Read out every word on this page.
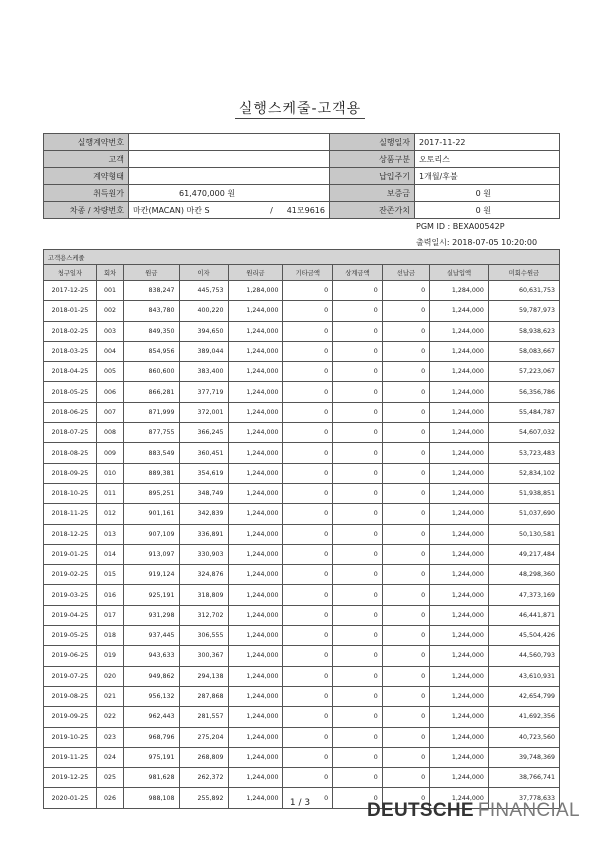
실행스케줄-고객용
실행계약번호			실행일자	2017-11-22
고객			상품구분	오토리스
계약형태			납입주기	1개월/후불
취득원가	61,470,000 원		보증금	0 원
차종 / 차량번호	마칸(MACAN) 마칸 S /	41모9616	잔존가치	0 원
PGM ID : BEXA00542P
출력일시: 2018-07-05 10:20:00
고객용스케줄									
청구일자	회차	원금	이자	원리금	기타금액	상계금액	선납금	실납입액	미회수원금
2017-12-25	001	838,247	445,753	1,284,000	0	0	0	1,284,000	60,631,753
2018-01-25	002	843,780	400,220	1,244,000	0	0	0	1,244,000	59,787,973
2018-02-25	003	849,350	394,650	1,244,000	0	0	0	1,244,000	58,938,623
2018-03-25	004	854,956	389,044	1,244,000	0	0	0	1,244,000	58,083,667
2018-04-25	005	860,600	383,400	1,244,000	0	0	0	1,244,000	57,223,067
2018-05-25	006	866,281	377,719	1,244,000	0	0	0	1,244,000	56,356,786
2018-06-25	007	871,999	372,001	1,244,000	0	0	0	1,244,000	55,484,787
2018-07-25	008	877,755	366,245	1,244,000	0	0	0	1,244,000	54,607,032
2018-08-25	009	883,549	360,451	1,244,000	0	0	0	1,244,000	53,723,483
2018-09-25	010	889,381	354,619	1,244,000	0	0	0	1,244,000	52,834,102
2018-10-25	011	895,251	348,749	1,244,000	0	0	0	1,244,000	51,938,851
2018-11-25	012	901,161	342,839	1,244,000	0	0	0	1,244,000	51,037,690
2018-12-25	013	907,109	336,891	1,244,000	0	0	0	1,244,000	50,130,581
2019-01-25	014	913,097	330,903	1,244,000	0	0	0	1,244,000	49,217,484
2019-02-25	015	919,124	324,876	1,244,000	0	0	0	1,244,000	48,298,360
2019-03-25	016	925,191	318,809	1,244,000	0	0	0	1,244,000	47,373,169
2019-04-25	017	931,298	312,702	1,244,000	0	0	0	1,244,000	46,441,871
2019-05-25	018	937,445	306,555	1,244,000	0	0	0	1,244,000	45,504,426
2019-06-25	019	943,633	300,367	1,244,000	0	0	0	1,244,000	44,560,793
2019-07-25	020	949,862	294,138	1,244,000	0	0	0	1,244,000	43,610,931
2019-08-25	021	956,132	287,868	1,244,000	0	0	0	1,244,000	42,654,799
2019-09-25	022	962,443	281,557	1,244,000	0	0	0	1,244,000	41,692,356
2019-10-25	023	968,796	275,204	1,244,000	0	0	0	1,244,000	40,723,560
2019-11-25	024	975,191	268,809	1,244,000	0	0	0	1,244,000	39,748,369
2019-12-25	025	981,628	262,372	1,244,000	0	0	0	1,244,000	38,766,741
2020-01-25	026	988,108	255,892	1,244,000	0	0	0	1,244,000	37,778,633
1 / 3	DEUTSCHE FINANCIAL
